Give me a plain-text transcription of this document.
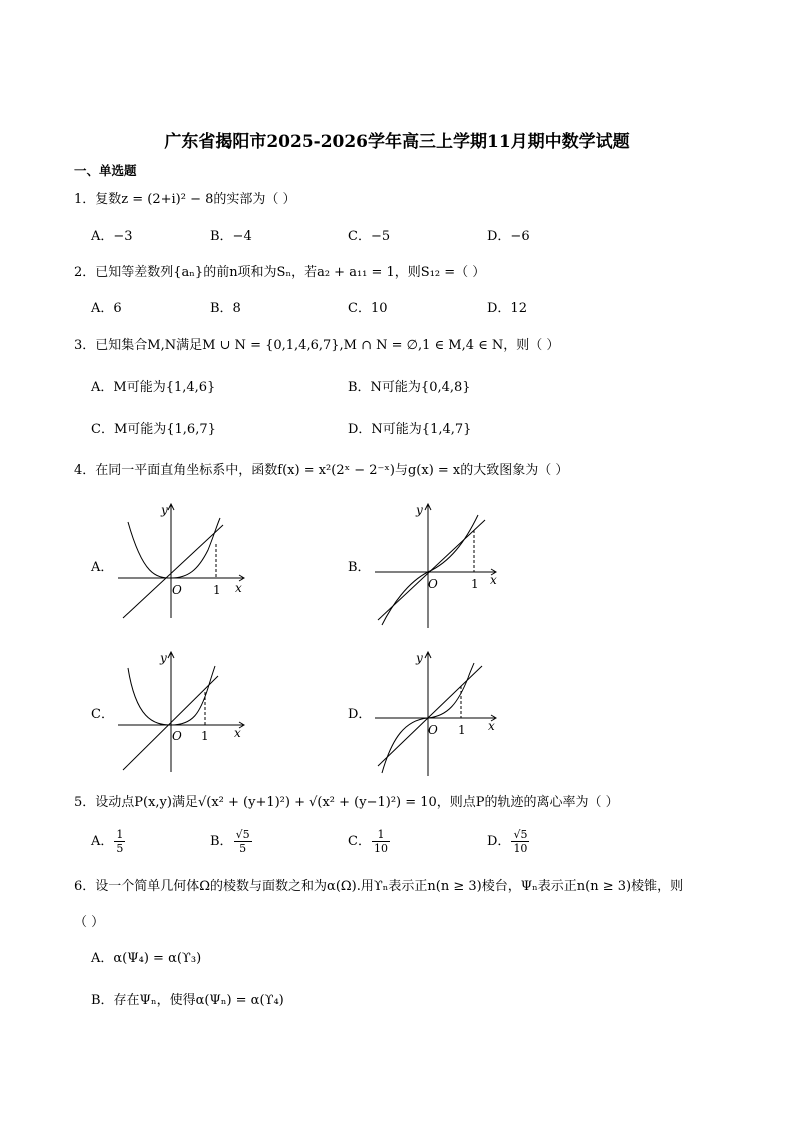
广东省揭阳市2025-2026学年高三上学期11月期中数学试题
一、单选题
1．复数z = (2+i)² − 8的实部为（ ）
A．−3	B．−4	C．−5	D．−6
2．已知等差数列{aₙ}的前n项和为Sₙ，若a₂ + a₁₁ = 1，则S₁₂ =（ ）
A．6	B．8	C．10	D．12
3．已知集合M,N满足M ∪ N = {0,1,4,6,7},M ∩ N = ∅,1 ∈ M,4 ∈ N，则（ ）
A．M可能为{1,4,6}	B．N可能为{0,4,8}
C．M可能为{1,6,7}	D．N可能为{1,4,7}
4．在同一平面直角坐标系中，函数f(x) = x²(2ˣ − 2⁻ˣ)与g(x) = x的大致图象为（ ）
A．
y
x
O	1
B．
y
x
O	1
C．
y
x
O 1
D．
y
x
O 1
5．设动点P(x,y)满足√(x² + (y+1)²) + √(x² + (y−1)²) = 10，则点P的轨迹的离心率为（ ）
A． $\frac{1}{5}$	B． $\frac{√5}{5}$	C． $\frac{1}{10}$	D． $\frac{√5}{10}$
6．设一个简单几何体Ω的棱数与面数之和为α(Ω).用ϒₙ表示正n(n ≥ 3)棱台，Ψₙ表示正n(n ≥ 3)棱锥，则
（ ）
A．α(Ψ₄) = α(ϒ₃)
B．存在Ψₙ，使得α(Ψₙ) = α(ϒ₄)
